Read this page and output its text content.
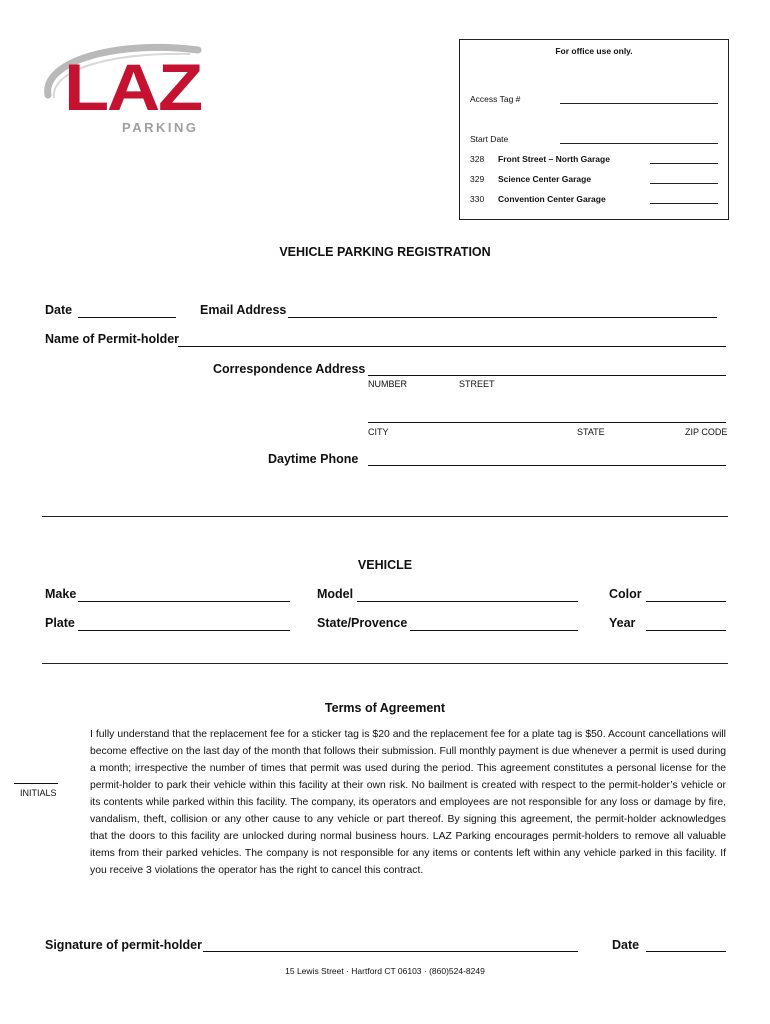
LAZ
PARKING
For office use only.
Access Tag #
Start Date
328 Front Street – North Garage
329 Science Center Garage
330 Convention Center Garage
VEHICLE PARKING REGISTRATION
Date	Email Address
Name of Permit-holder
Correspondence Address
NUMBER	STREET
CITY	STATE	ZIP CODE
Daytime Phone
VEHICLE
Make	Model	Color
Plate	State/Provence	Year
Terms of Agreement
INITIALS
I fully understand that the replacement fee for a sticker tag is $20 and the replacement fee for a plate tag is $50. Account cancellations will become effective on the last day of the month that follows their submission. Full monthly payment is due whenever a permit is used during a month; irrespective the number of times that permit was used during the period. This agreement constitutes a personal license for the permit-holder to park their vehicle within this facility at their own risk. No bailment is created with respect to the permit-holder’s vehicle or its contents while parked within this facility. The company, its operators and employees are not responsible for any loss or damage by fire, vandalism, theft, collision or any other cause to any vehicle or part thereof. By signing this agreement, the permit-holder acknowledges that the doors to this facility are unlocked during normal business hours. LAZ Parking encourages permit-holders to remove all valuable items from their parked vehicles. The company is not responsible for any items or contents left within any vehicle parked in this facility. If you receive 3 violations the operator has the right to cancel this contract.
Signature of permit-holder	Date
15 Lewis Street · Hartford CT 06103 · (860)524-8249
